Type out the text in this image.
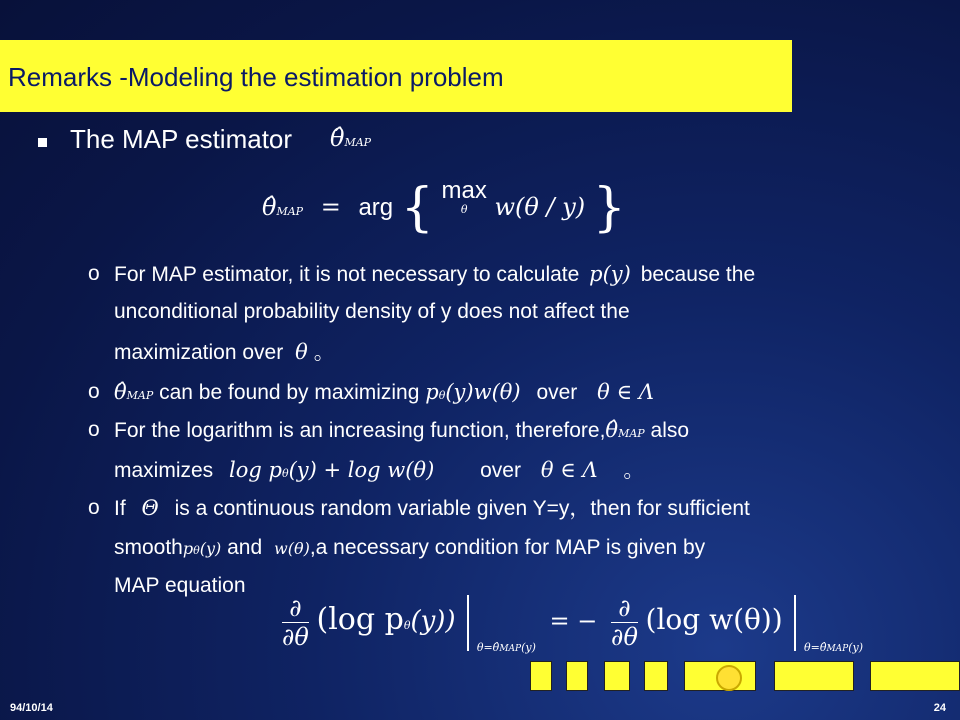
Remarks -Modeling the estimation problem
The MAP estimator θ̂MAP
θ̂MAP = arg { max
θ	w(θ / y) }
o For MAP estimator, it is not necessary to calculate p(y) because the
unconditional probability density of y does not affect the
maximization over θ 。
o θ̂MAP can be found by maximizing pθ(y)w(θ) over θ ∈ Λ
o For the logarithm is an increasing function, therefore,θ̂MAP also
maximizes log pθ(y) + log w(θ) over θ ∈ Λ 。
o If Θ is a continuous random variable given Y=y，then for sufficient
smoothpθ(y) and w(θ),a necessary condition for MAP is given by
MAP equation
∂
∂θ (log pθ(y))  $_{\theta=\thetâMAP(y)}$ = − ∂
∂θ
(log w(θ))  $_{\theta=\thetâMAP(y)}$
94/10/14	24
